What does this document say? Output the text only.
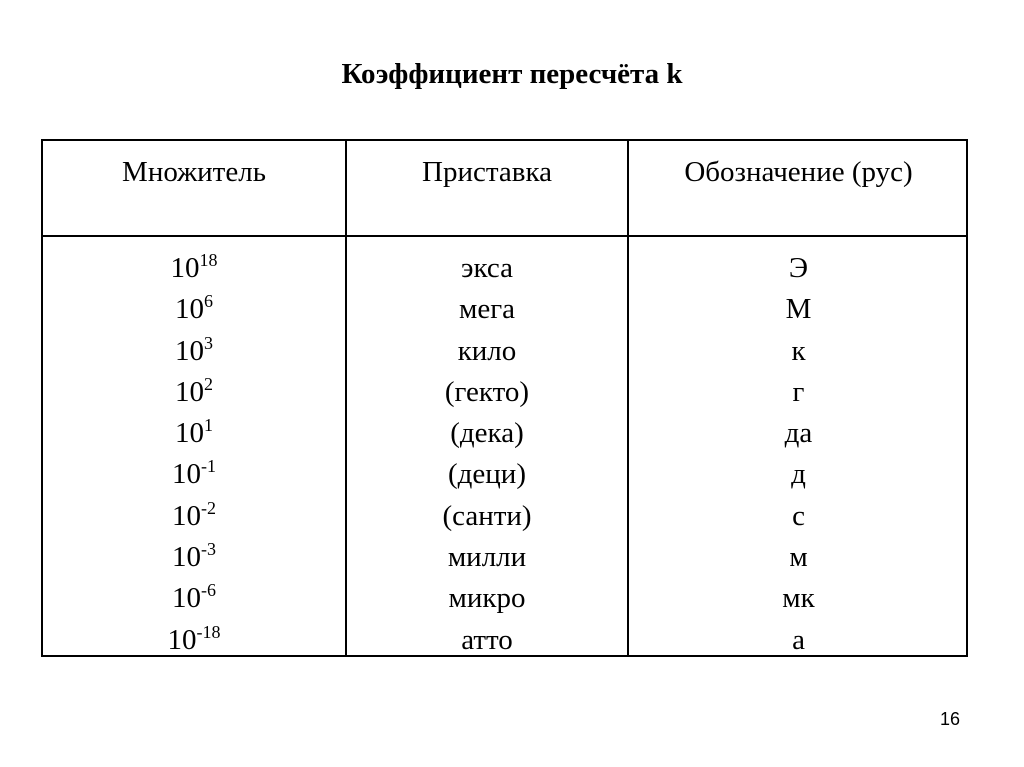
Коэффициент пересчёта k
Множитель	Приставка	Обозначение (рус)
$10^{18}$
$10^6$
$10^3$
$10^2$
$10^1$
$10^{-1}$
$10^{-2}$
$10^{-3}$
$10^{-6}$
$10^{-18}$
экса
мега
кило
(гекто)
(дека)
(деци)
(санти)
милли
микро
атто
Э
М
к
г
да
д
с
м
мк
а
16
